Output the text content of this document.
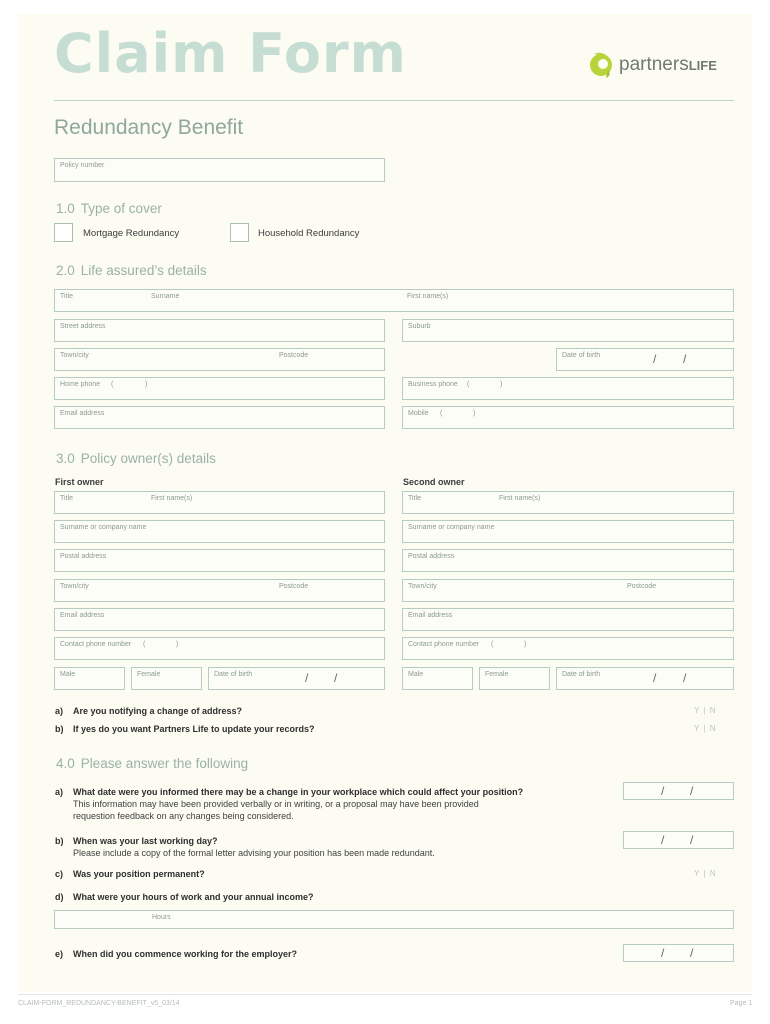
Claim Form	partnersLIFE
Redundancy Benefit
Policy number
1.0 Type of cover
Mortgage Redundancy	Household Redundancy
2.0 Life assured’s details
Title	Surname	First name(s)
Street address	Suburb
Town/city	Postcode	Date of birth	/ /
Home phone (	)	Business phone (	)
Email address	Mobile (	)
3.0 Policy owner(s) details
First owner	Second owner
Title	First name(s)
Surname or company name
Postal address
Town/city	Postcode
Email address
Contact phone number (	)
Male	Female	Date of birth	/ /
Title	First name(s)
Surname or company name
Postal address
Town/city	Postcode
Email address
Contact phone number (	)
Male	Female	Date of birth	/ /
a) Are you notifying a change of address?	Y | N
b) If yes do you want Partners Life to update your records?	Y | N
4.0 Please answer the following
a) What date were you informed there may be a change in your workplace which could affect your position?
This information may have been provided verbally or in writing, or a proposal may have been provided
requestion feedback on any changes being considered.
/ /
b) When was your last working day?
Please include a copy of the formal letter advising your position has been made redundant.
/ /
c) Was your position permanent?	Y | N
d) What were your hours of work and your annual income?
Hours
e) When did you commence working for the employer?	/ /
CLAIM-FORM_REDUNDANCY-BENEFIT_v5_03/14	Page 1
